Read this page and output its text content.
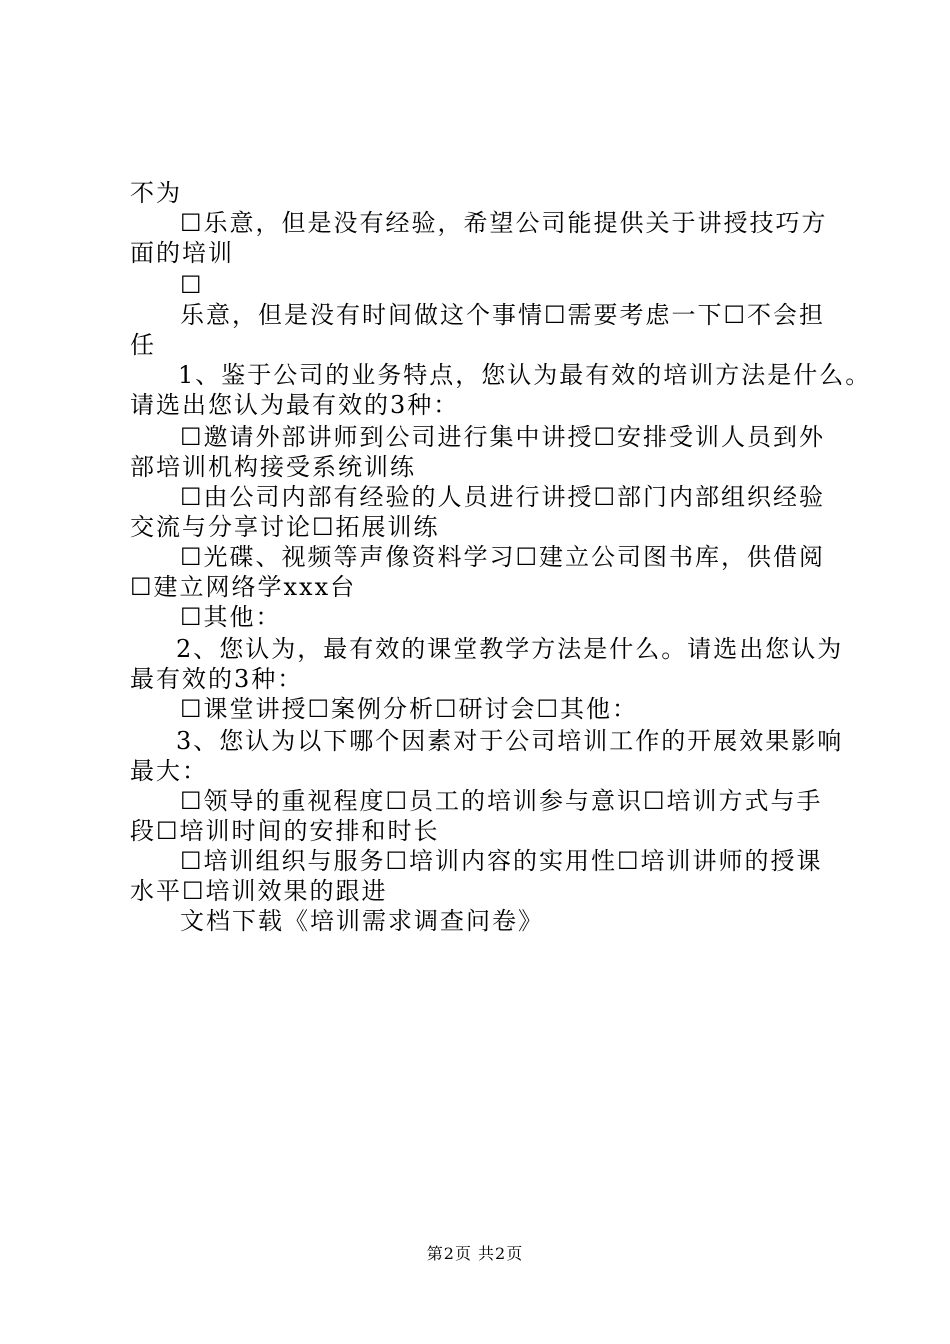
不为
☐乐意，但是没有经验，希望公司能提供关于讲授技巧方
面的培训
☐
乐意，但是没有时间做这个事情☐需要考虑一下☐不会担
任
1、鉴于公司的业务特点，您认为最有效的培训方法是什么。
请选出您认为最有效的3种：
☐邀请外部讲师到公司进行集中讲授☐安排受训人员到外
部培训机构接受系统训练
☐由公司内部有经验的人员进行讲授☐部门内部组织经验
交流与分享讨论☐拓展训练
☐光碟、视频等声像资料学习☐建立公司图书库，供借阅
☐建立网络学xxx台
☐其他：
2、您认为，最有效的课堂教学方法是什么。请选出您认为
最有效的3种：
☐课堂讲授☐案例分析☐研讨会☐其他：
3、您认为以下哪个因素对于公司培训工作的开展效果影响
最大：
☐领导的重视程度☐员工的培训参与意识☐培训方式与手
段☐培训时间的安排和时长
☐培训组织与服务☐培训内容的实用性☐培训讲师的授课
水平☐培训效果的跟进
文档下载《培训需求调查问卷》
第2页 共2页
